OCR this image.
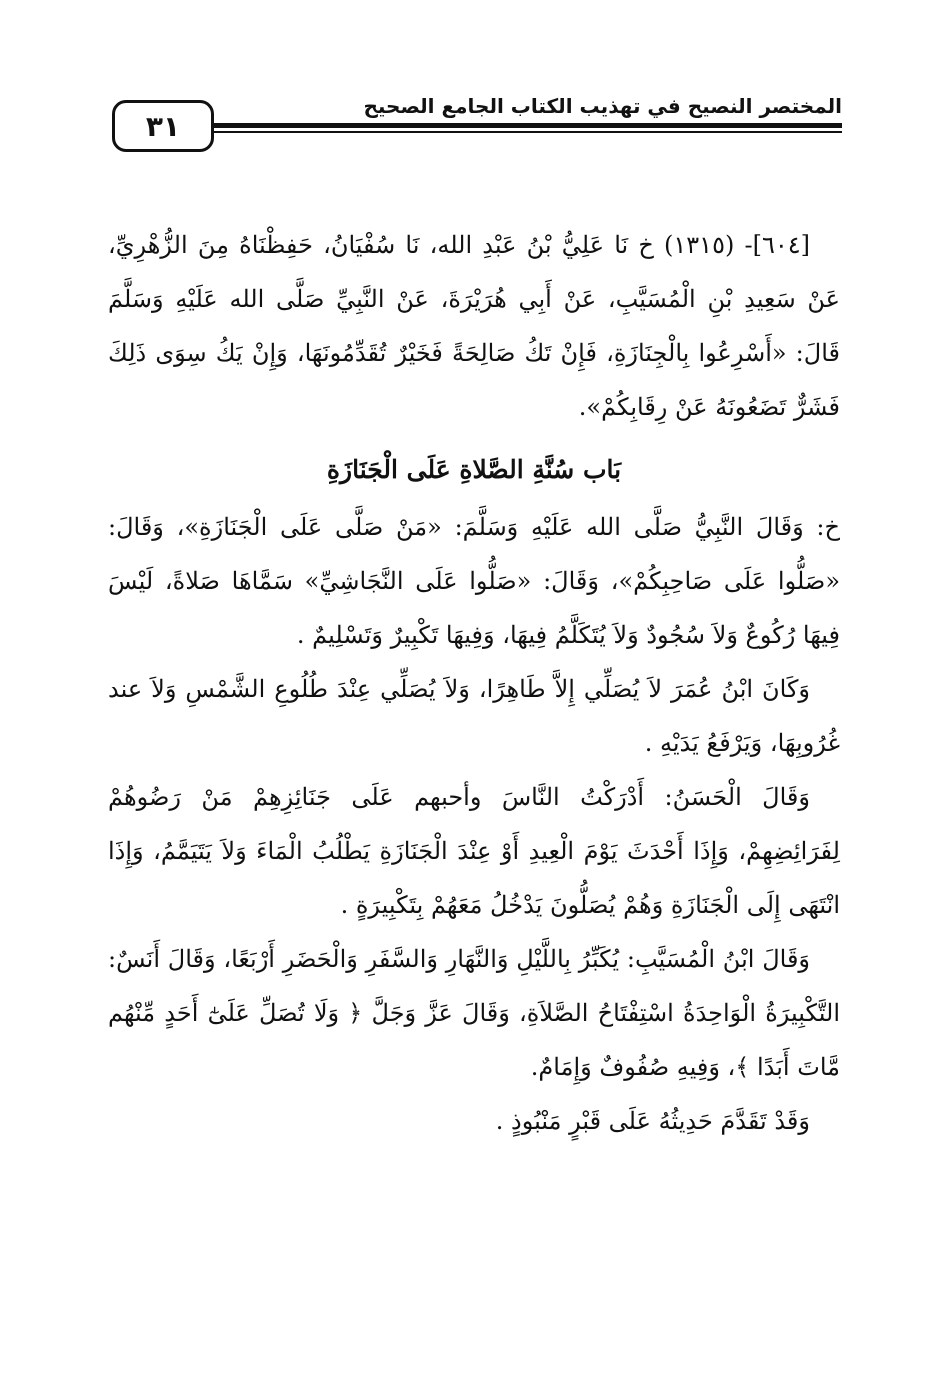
٣١
المختصر النصيح في تهذيب الكتاب الجامع الصحيح

[٦٠٤]- (١٣١٥) خ نَا عَلِيُّ بْنُ عَبْدِ الله، نَا سُفْيَانُ، حَفِظْنَاهُ مِنَ الزُّهْرِيِّ، عَنْ سَعِيدِ بْنِ الْمُسَيَّبِ، عَنْ أَبِي هُرَيْرَةَ، عَنْ النَّبِيِّ صَلَّى الله عَلَيْهِ وَسَلَّمَ قَالَ: «أَسْرِعُوا بِالْجِنَازَةِ، فَإِنْ تَكُ صَالِحَةً فَخَيْرٌ تُقَدِّمُونَهَا، وَإِنْ يَكُ سِوَى ذَلِكَ فَشَرٌّ تَضَعُونَهُ عَنْ رِقَابِكُمْ».

بَاب سُنَّةِ الصَّلاةِ عَلَى الْجَنَازَةِ

خ: وَقَالَ النَّبِيُّ صَلَّى الله عَلَيْهِ وَسَلَّمَ: «مَنْ صَلَّى عَلَى الْجَنَازَةِ»، وَقَالَ: «صَلُّوا عَلَى صَاحِبِكُمْ»، وَقَالَ: «صَلُّوا عَلَى النَّجَاشِيِّ» سَمَّاهَا صَلاةً، لَيْسَ فِيهَا رُكُوعٌ وَلاَ سُجُودٌ وَلاَ يُتَكَلَّمُ فِيهَا، وَفِيهَا تَكْبِيرٌ وَتَسْلِيمٌ .

وَكَانَ ابْنُ عُمَرَ لاَ يُصَلِّي إِلاَّ طَاهِرًا، وَلاَ يُصَلِّي عِنْدَ طُلُوعِ الشَّمْسِ وَلاَ عند غُرُوبِهَا، وَيَرْفَعُ يَدَيْهِ .

وَقَالَ الْحَسَنُ: أَدْرَكْتُ النَّاسَ وأحبهم عَلَى جَنَائِزِهِمْ مَنْ رَضُوهُمْ لِفَرَائِضِهِمْ، وَإِذَا أَحْدَثَ يَوْمَ الْعِيدِ أَوْ عِنْدَ الْجَنَازَةِ يَطْلُبُ الْمَاءَ وَلاَ يَتَيَمَّمُ، وَإِذَا انْتَهَى إِلَى الْجَنَازَةِ وَهُمْ يُصَلُّونَ يَدْخُلُ مَعَهُمْ بِتَكْبِيرَةٍ .

وَقَالَ ابْنُ الْمُسَيَّبِ: يُكَبِّرُ بِاللَّيْلِ وَالنَّهَارِ وَالسَّفَرِ وَالْحَضَرِ أَرْبَعًا، وَقَالَ أَنَسٌ: التَّكْبِيرَةُ الْوَاحِدَةُ اسْتِفْتَاحُ الصَّلاَةِ، وَقَالَ عَزَّ وَجَلَّ ﴿ وَلَا تُصَلِّ عَلَىٰٓ أَحَدٍ مِّنْهُم مَّاتَ أَبَدًا ﴾، وَفِيهِ صُفُوفٌ وَإِمَامٌ.

وَقَدْ تَقَدَّمَ حَدِيثُهُ عَلَى قَبْرٍ مَنْبُوذٍ .
